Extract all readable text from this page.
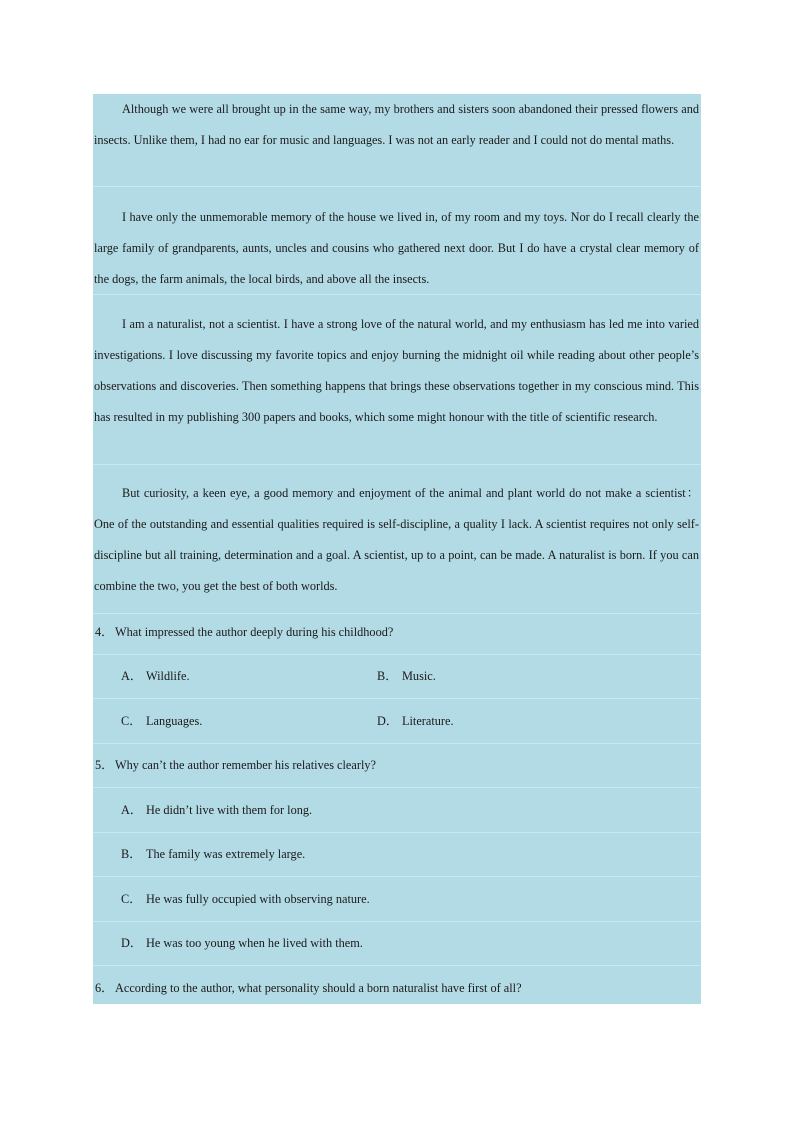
Although we were all brought up in the same way, my brothers and sisters soon abandoned their pressed flowers and insects. Unlike them, I had no ear for music and languages. I was not an early reader and I could not do mental maths.

I have only the unmemorable memory of the house we lived in, of my room and my toys. Nor do I recall clearly the large family of grandparents, aunts, uncles and cousins who gathered next door. But I do have a crystal clear memory of the dogs, the farm animals, the local birds, and above all the insects.

I am a naturalist, not a scientist. I have a strong love of the natural world, and my enthusiasm has led me into varied investigations. I love discussing my favorite topics and enjoy burning the midnight oil while reading about other people’s observations and discoveries. Then something happens that brings these observations together in my conscious mind. This has resulted in my publishing 300 papers and books, which some might honour with the title of scientific research.

But curiosity, a keen eye, a good memory and enjoyment of the animal and plant world do not make a scientist： One of the outstanding and essential qualities required is self-discipline, a quality I lack. A scientist requires not only self-discipline but all training, determination and a goal. A scientist, up to a point, can be made. A naturalist is born. If you can combine the two, you get the best of both worlds.

4． What impressed the author deeply during his childhood?
A． Wildlife.	B． Music.
C． Languages.	D． Literature.
5． Why can’t the author remember his relatives clearly?
A． He didn’t live with them for long.
B． The family was extremely large.
C． He was fully occupied with observing nature.
D． He was too young when he lived with them.
6． According to the author, what personality should a born naturalist have first of all?
